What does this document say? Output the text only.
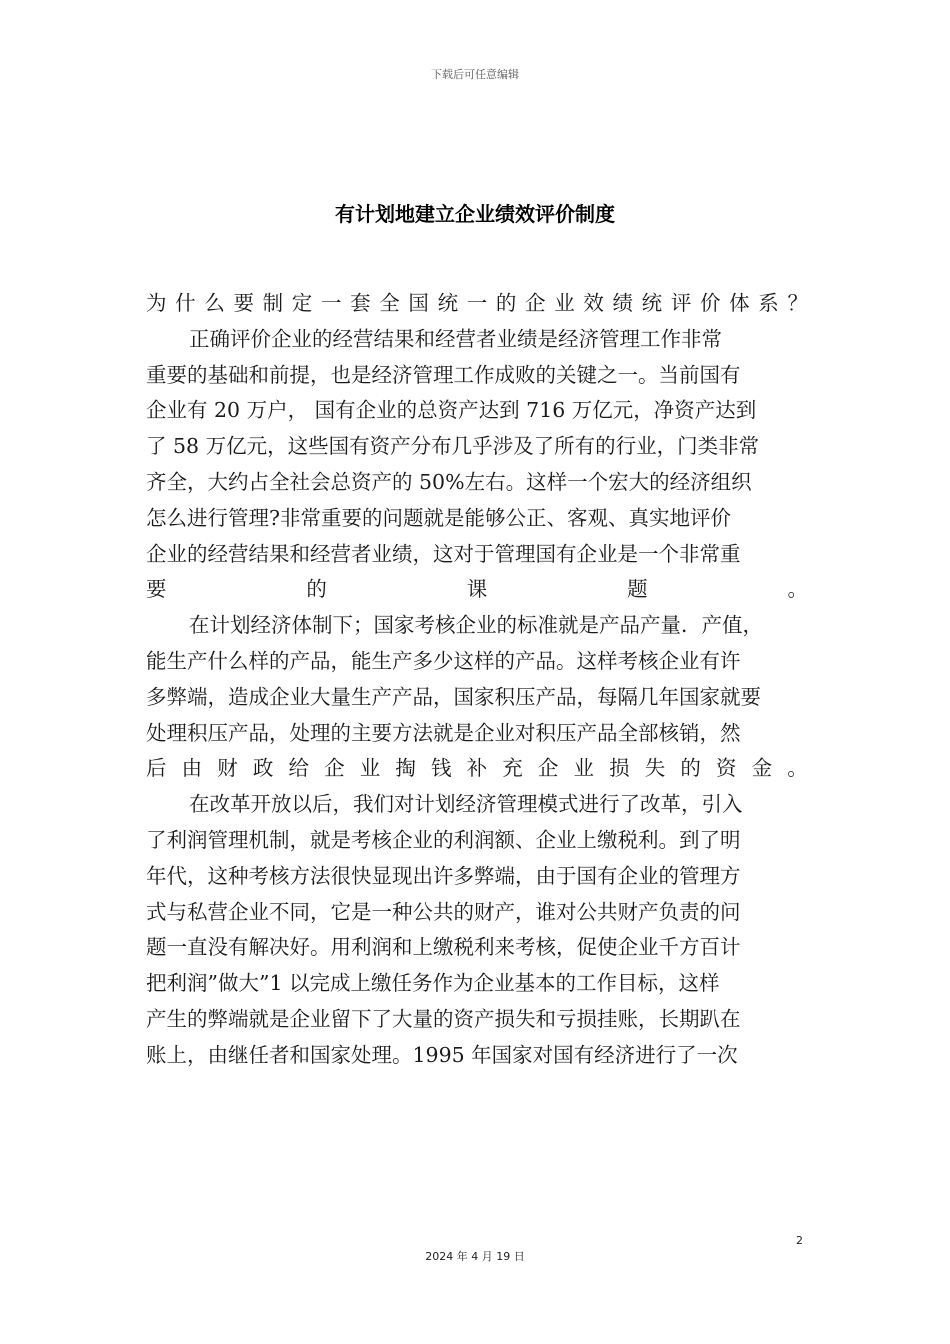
下载后可任意编辑
有计划地建立企业绩效评价制度
为 什 么 要 制 定 一 套 全 国 统 一 的 企 业 效 绩 统 评 价 体 系 ？
正确评价企业的经营结果和经营者业绩是经济管理工作非常
重要的基础和前提，也是经济管理工作成败的关键之一。当前国有
企业有 20 万户， 国有企业的总资产达到 716 万亿元，净资产达到
了 58 万亿元，这些国有资产分布几乎涉及了所有的行业，门类非常
齐全，大约占全社会总资产的 50%左右。这样一个宏大的经济组织
怎么进行管理?非常重要的问题就是能够公正、客观、真实地评价
企业的经营结果和经营者业绩，这对于管理国有企业是一个非常重
要	的	课	题	。
在计划经济体制下；国家考核企业的标准就是产品产量．产值，
能生产什么样的产品，能生产多少这样的产品。这样考核企业有许
多弊端，造成企业大量生产产品，国家积压产品，每隔几年国家就要
处理积压产品，处理的主要方法就是企业对积压产品全部核销，然
后 由 财 政 给 企 业 掏 钱 补 充 企 业 损 失 的 资 金 。
在改革开放以后，我们对计划经济管理模式进行了改革，引入
了利润管理机制，就是考核企业的利润额、企业上缴税利。到了明
年代，这种考核方法很快显现出许多弊端，由于国有企业的管理方
式与私营企业不同，它是一种公共的财产，谁对公共财产负责的问
题一直没有解决好。用利润和上缴税利来考核，促使企业千方百计
把利润”做大”1 以完成上缴任务作为企业基本的工作目标，这样
产生的弊端就是企业留下了大量的资产损失和亏损挂账，长期趴在
账上，由继任者和国家处理。1995 年国家对国有经济进行了一次
2
2024 年 4 月 19 日
